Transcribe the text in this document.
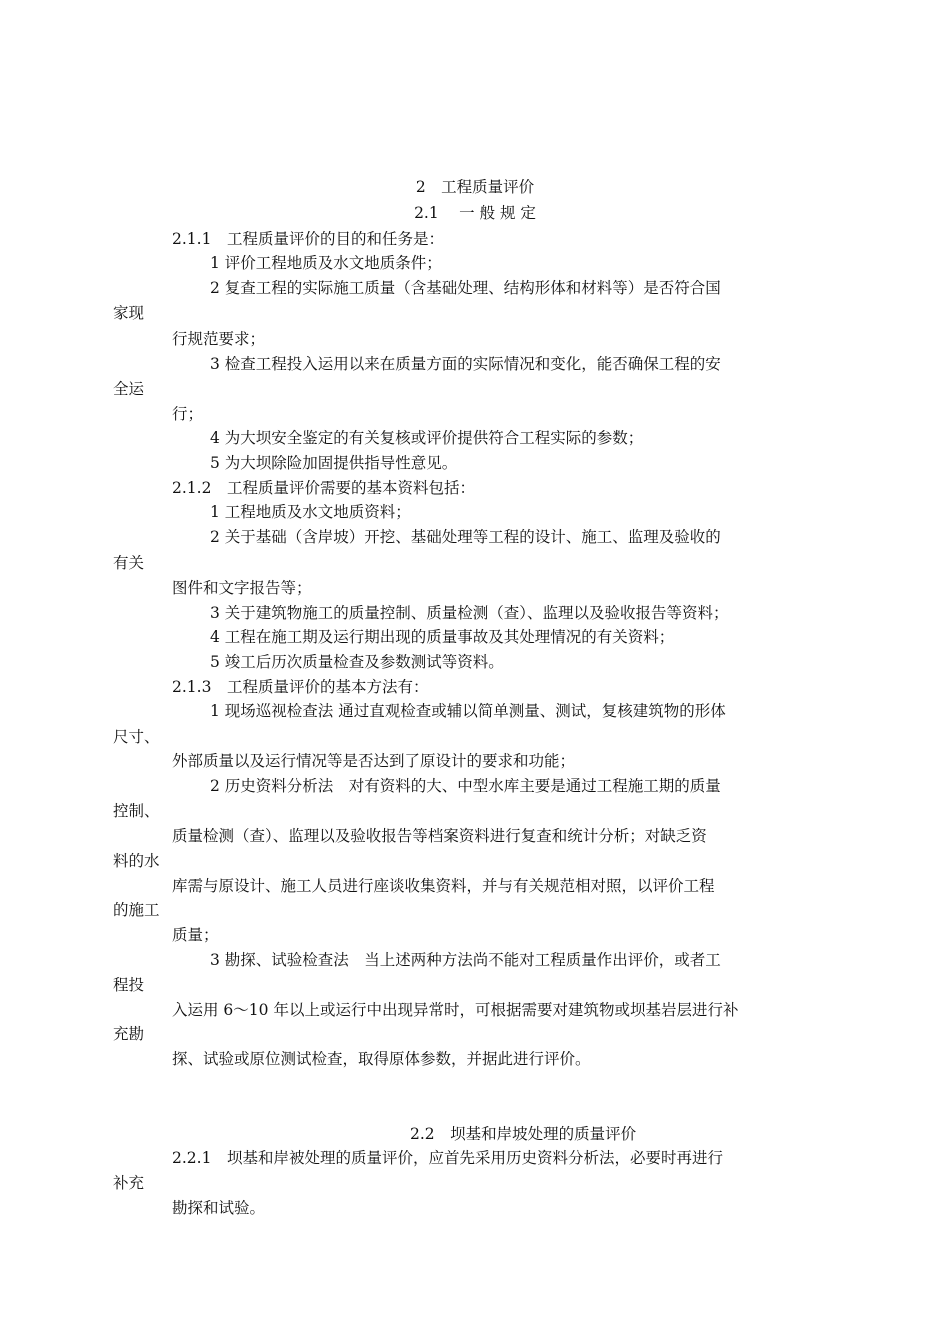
2　工程质量评价
2.1　 一 般 规 定
2.1.1　工程质量评价的目的和任务是：
1 评价工程地质及水文地质条件；
2 复查工程的实际施工质量（含基础处理、结构形体和材料等）是否符合国
家现
行规范要求；
3 检查工程投入运用以来在质量方面的实际情况和变化，能否确保工程的安
全运
行；
4 为大坝安全鉴定的有关复核或评价提供符合工程实际的参数；
5 为大坝除险加固提供指导性意见。
2.1.2　工程质量评价需要的基本资料包括：
1 工程地质及水文地质资料；
2 关于基础（含岸坡）开挖、基础处理等工程的设计、施工、监理及验收的
有关
图件和文字报告等；
3 关于建筑物施工的质量控制、质量检测（查）、监理以及验收报告等资料；
4 工程在施工期及运行期出现的质量事故及其处理情况的有关资料；
5 竣工后历次质量检查及参数测试等资料。
2.1.3　工程质量评价的基本方法有：
1 现场巡视检查法 通过直观检查或辅以简单测量、测试，复核建筑物的形体
尺寸、
外部质量以及运行情况等是否达到了原设计的要求和功能；
2 历史资料分析法　对有资料的大、中型水库主要是通过工程施工期的质量
控制、
质量检测（查）、监理以及验收报告等档案资料进行复查和统计分析；对缺乏资
料的水
库需与原设计、施工人员进行座谈收集资料，并与有关规范相对照，以评价工程
的施工
质量；
3 勘探、试验检查法　当上述两种方法尚不能对工程质量作出评价，或者工
程投
入运用 6～10 年以上或运行中出现异常时，可根据需要对建筑物或坝基岩层进行补
充勘
探、试验或原位测试检查，取得原体参数，并据此进行评价。
2.2　坝基和岸坡处理的质量评价
2.2.1　坝基和岸被处理的质量评价，应首先采用历史资料分析法，必要时再进行
补充
勘探和试验。
